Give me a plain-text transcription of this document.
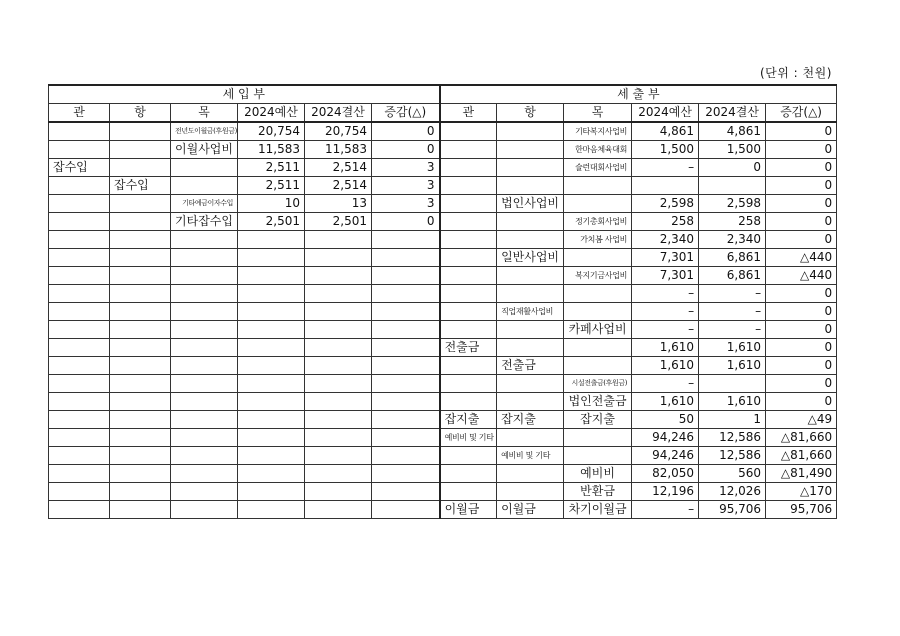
(단위 : 천원)
세 입 부						세 출 부					
관	항	목	2024예산	2024결산	증감(△)	관	항	목	2024예산	2024결산	증감(△)
		전년도이월금(후원금)	20,754	20,754	0			기타복지사업비	4,861	4,861	0
		이월사업비	11,583	11,583	0			한마음체육대회	1,500	1,500	0
잡수입			2,511	2,514	3			슐런대회사업비	–	0	0
	잡수입		2,511	2,514	3						0
		기타예금이자수입	10	13	3		법인사업비		2,598	2,598	0
		기타잡수입	2,501	2,501	0			정기총회사업비	258	258	0
								가치봄 사업비	2,340	2,340	0
							일반사업비		7,301	6,861	△440
								복지기금사업비	7,301	6,861	△440
									–	–	0
							직업재활사업비		–	–	0
								카페사업비	–	–	0
						전출금			1,610	1,610	0
							전출금		1,610	1,610	0
								시설전출금(후원금)	–		0
								법인전출금	1,610	1,610	0
						잡지출	잡지출	잡지출	50	1	△49
						예비비 및 기타			94,246	12,586	△81,660
							예비비 및 기타		94,246	12,586	△81,660
								예비비	82,050	560	△81,490
								반환금	12,196	12,026	△170
						이월금	이월금	차기이월금	–	95,706	95,706
